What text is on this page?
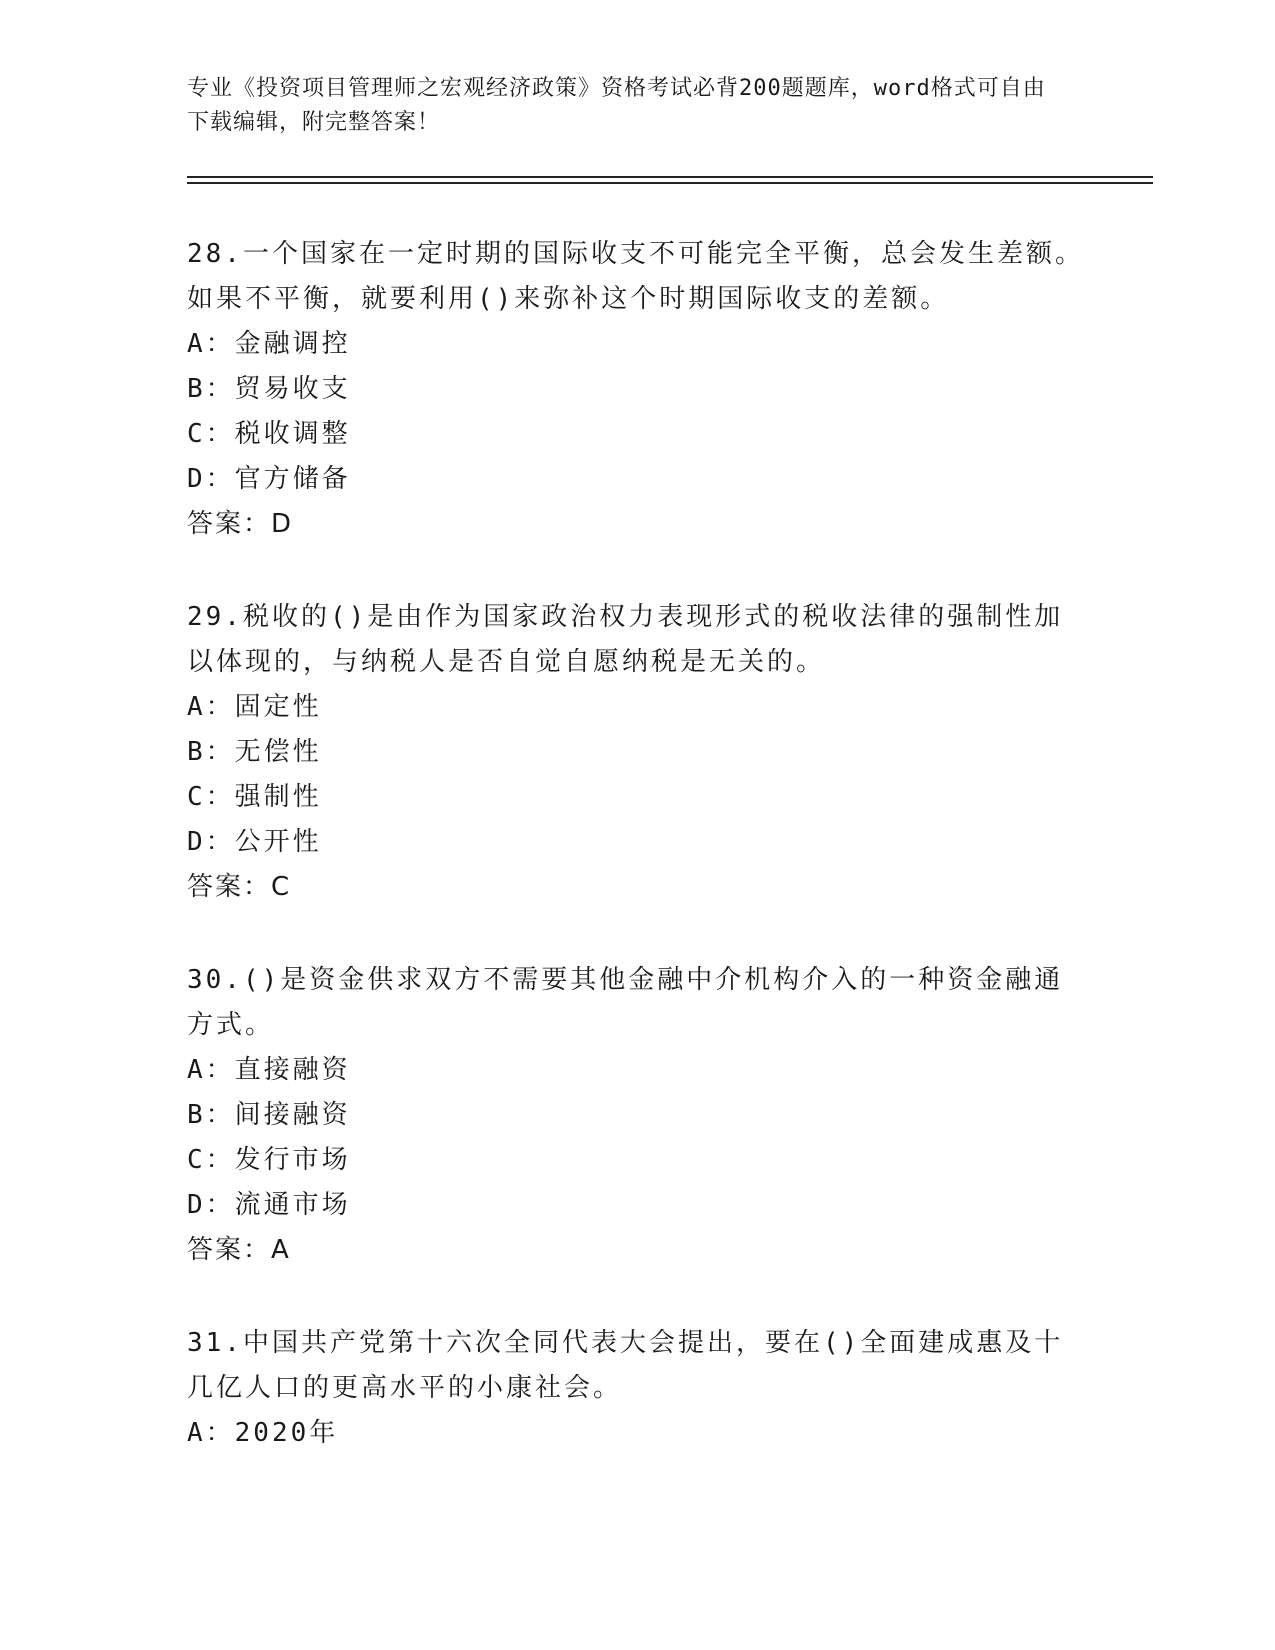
专业《投资项目管理师之宏观经济政策》资格考试必背200题题库，word格式可自由下载编辑，附完整答案！

28.一个国家在一定时期的国际收支不可能完全平衡，总会发生差额。如果不平衡，就要利用()来弥补这个时期国际收支的差额。

A：金融调控

B：贸易收支

C：税收调整

D：官方储备

答案：D

29.税收的()是由作为国家政治权力表现形式的税收法律的强制性加以体现的，与纳税人是否自觉自愿纳税是无关的。

A：固定性

B：无偿性

C：强制性

D：公开性

答案：C

30.()是资金供求双方不需要其他金融中介机构介入的一种资金融通方式。

A：直接融资

B：间接融资

C：发行市场

D：流通市场

答案：A

31.中国共产党第十六次全同代表大会提出，要在()全面建成惠及十几亿人口的更高水平的小康社会。

A：2020年
